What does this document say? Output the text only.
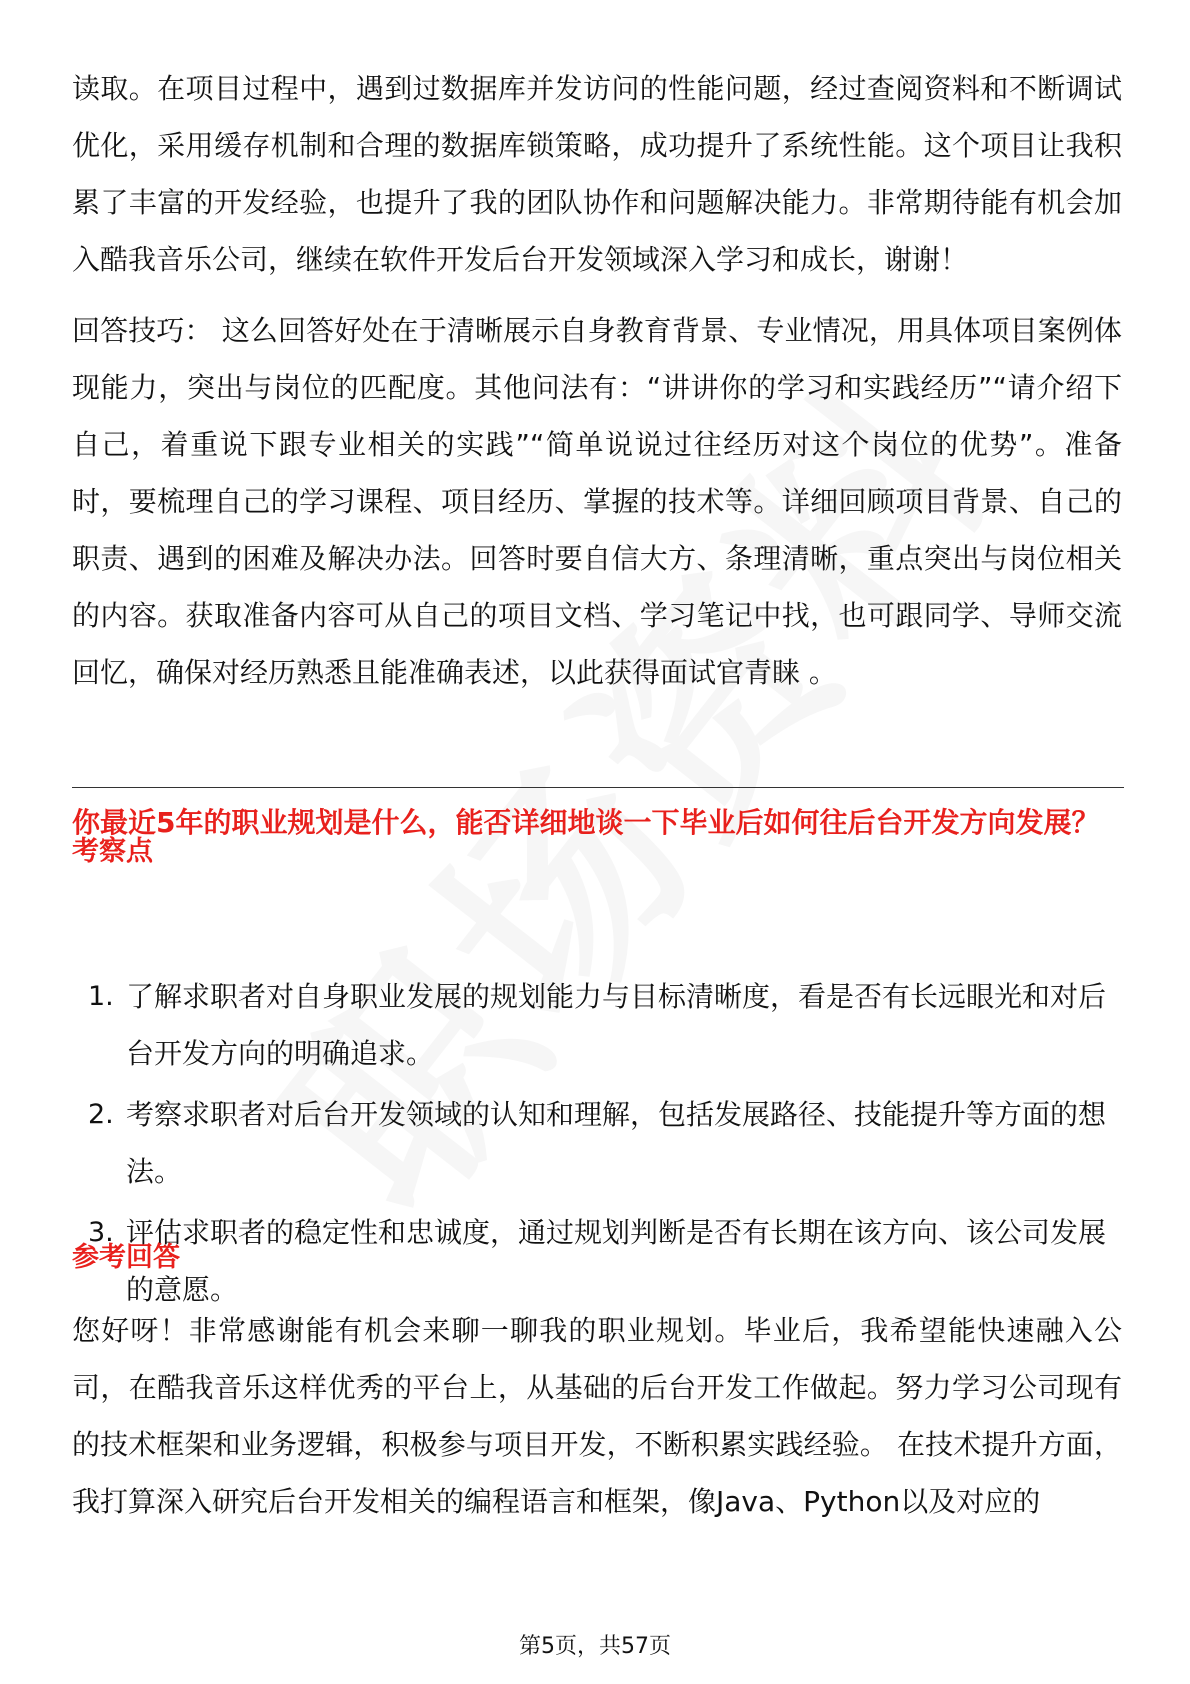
读取。在项目过程中，遇到过数据库并发访问的性能问题，经过查阅资料和不断调试优化，采用缓存机制和合理的数据库锁策略，成功提升了系统性能。这个项目让我积累了丰富的开发经验，也提升了我的团队协作和问题解决能力。非常期待能有机会加入酷我音乐公司，继续在软件开发后台开发领域深入学习和成长，谢谢！

回答技巧： 这么回答好处在于清晰展示自身教育背景、专业情况，用具体项目案例体现能力，突出与岗位的匹配度。其他问法有：“讲讲你的学习和实践经历”“请介绍下自己，着重说下跟专业相关的实践”“简单说说过往经历对这个岗位的优势”。准备时，要梳理自己的学习课程、项目经历、掌握的技术等。详细回顾项目背景、自己的职责、遇到的困难及解决办法。回答时要自信大方、条理清晰，重点突出与岗位相关的内容。获取准备内容可从自己的项目文档、学习笔记中找，也可跟同学、导师交流回忆，确保对经历熟悉且能准确表述，以此获得面试官青睐 。

你最近5年的职业规划是什么，能否详细地谈一下毕业后如何往后台开发方向发展？

考察点

1. 了解求职者对自身职业发展的规划能力与目标清晰度，看是否有长远眼光和对后台开发方向的明确追求。
2. 考察求职者对后台开发领域的认知和理解，包括发展路径、技能提升等方面的想法。
3. 评估求职者的稳定性和忠诚度，通过规划判断是否有长期在该方向、该公司发展的意愿。

参考回答

您好呀！非常感谢能有机会来聊一聊我的职业规划。毕业后，我希望能快速融入公司，在酷我音乐这样优秀的平台上，从基础的后台开发工作做起。努力学习公司现有的技术框架和业务逻辑，积极参与项目开发，不断积累实践经验。 在技术提升方面，我打算深入研究后台开发相关的编程语言和框架，像Java、Python以及对应的

第5页，共57页
